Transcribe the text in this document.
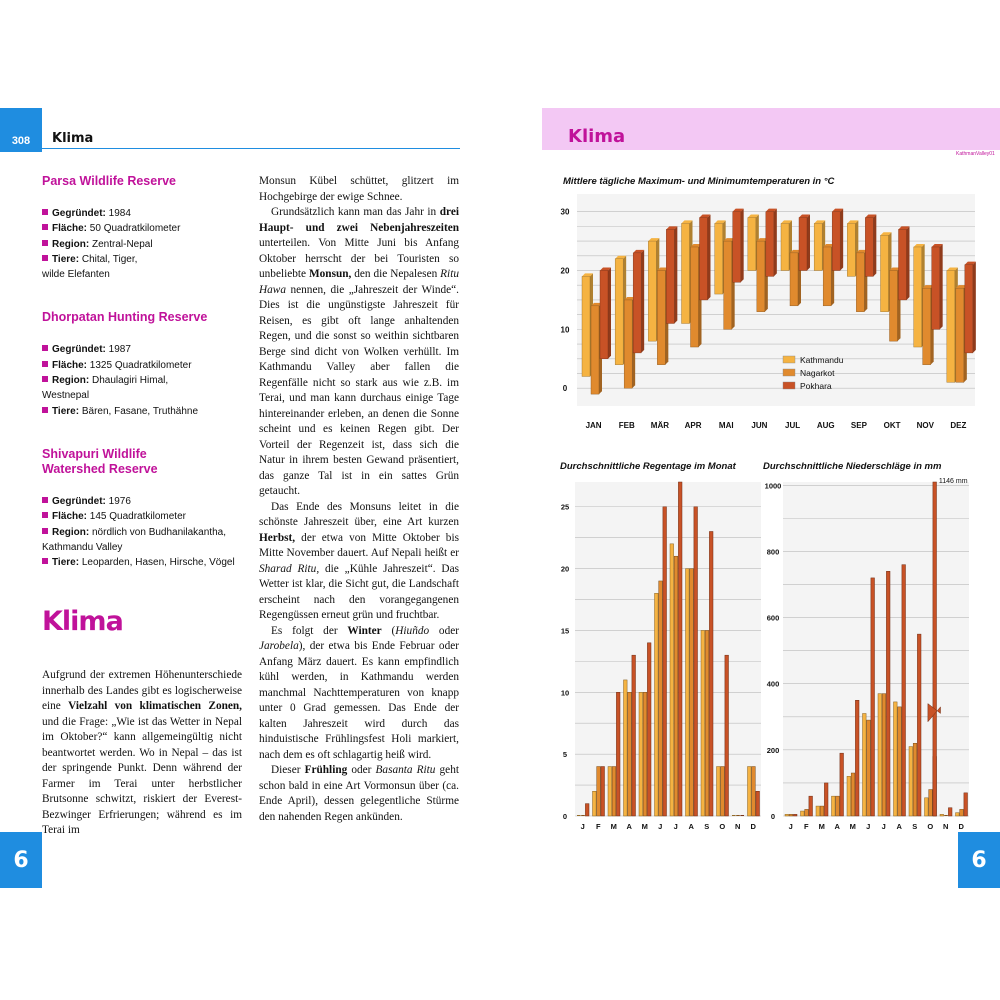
308	Klima
Parsa Wildlife Reserve
Gegründet: 1984
Fläche: 50 Quadratkilometer
Region: Zentral-Nepal
Tiere: Chital, Tiger,
wilde Elefanten
Dhorpatan Hunting Reserve
Gegründet: 1987
Fläche: 1325 Quadratkilometer
Region: Dhaulagiri Himal,
Westnepal
Tiere: Bären, Fasane, Truthähne
Shivapuri Wildlife
Watershed Reserve
Gegründet: 1976
Fläche: 145 Quadratkilometer
Region: nördlich von Budhanilakantha,
Kathmandu Valley
Tiere: Leoparden, Hasen, Hirsche, Vögel
Klima

Aufgrund der extremen Höhenunterschiede innerhalb des Landes gibt es logischerweise eine Vielzahl von klimatischen Zonen, und die Frage: „Wie ist das Wetter in Nepal im Oktober?“ kann allgemeingültig nicht beantwortet werden. Wo in Nepal – das ist der springende Punkt. Denn während der Farmer im Terai unter herbstlicher Brutsonne schwitzt, riskiert der Everest-Bezwinger Erfrierungen; während es im Terai im

Monsun Kübel schüttet, glitzert im Hochgebirge der ewige Schnee.

Grundsätzlich kann man das Jahr in drei Haupt- und zwei Nebenjahreszeiten unterteilen. Von Mitte Juni bis Anfang Oktober herrscht der bei Touristen so unbeliebte Monsun, den die Nepalesen Ritu Hawa nennen, die „Jahreszeit der Winde“. Dies ist die ungünstigste Jahreszeit für Reisen, es gibt oft lange anhaltenden Regen, und die sonst so weithin sichtbaren Berge sind dicht von Wolken verhüllt. Im Kathmandu Valley aber fallen die Regenfälle nicht so stark aus wie z.B. im Terai, und man kann durchaus einige Tage hintereinander erleben, an denen die Sonne scheint und es keinen Regen gibt. Der Vorteil der Regenzeit ist, dass sich die Natur in ihrem besten Gewand präsentiert, das ganze Tal ist in ein sattes Grün getaucht.

Das Ende des Monsuns leitet in die schönste Jahreszeit über, eine Art kurzen Herbst, der etwa von Mitte Oktober bis Mitte November dauert. Auf Nepali heißt er Sharad Ritu, die „Kühle Jahreszeit“. Das Wetter ist klar, die Sicht gut, die Landschaft erscheint nach den vorangegangenen Regengüssen erneut grün und fruchtbar.

Es folgt der Winter (Hiuñdo oder Jarobela), der etwa bis Ende Februar oder Anfang März dauert. Es kann empfindlich kühl werden, in Kathmandu werden manchmal Nachttemperaturen von knapp unter 0 Grad gemessen. Das Ende der kalten Jahreszeit wird durch das hinduistische Frühlingsfest Holi markiert, nach dem es oft schlagartig heiß wird.

Dieser Frühling oder Basanta Ritu geht schon bald in eine Art Vormonsun über (ca. Ende April), dessen gelegentliche Stürme den nahenden Regen ankünden.

6
Klima
KathmanValley01
Mittlere tägliche Maximum- und Minimumtemperaturen in °C
0
10
20
30
JAN FEB MÄR APR MAI JUN JUL AUG SEP OKT NOV DEZ
Kathmandu
Nagarkot
Pokhara
Durchschnittliche Regentage im Monat
0
5
10
15
20
25
J F M A M J J A S O N D
Durchschnittliche Niederschläge in mm
0
200
400
600
800
1000
J F M A M J J A S O N D
1146 mm
6
